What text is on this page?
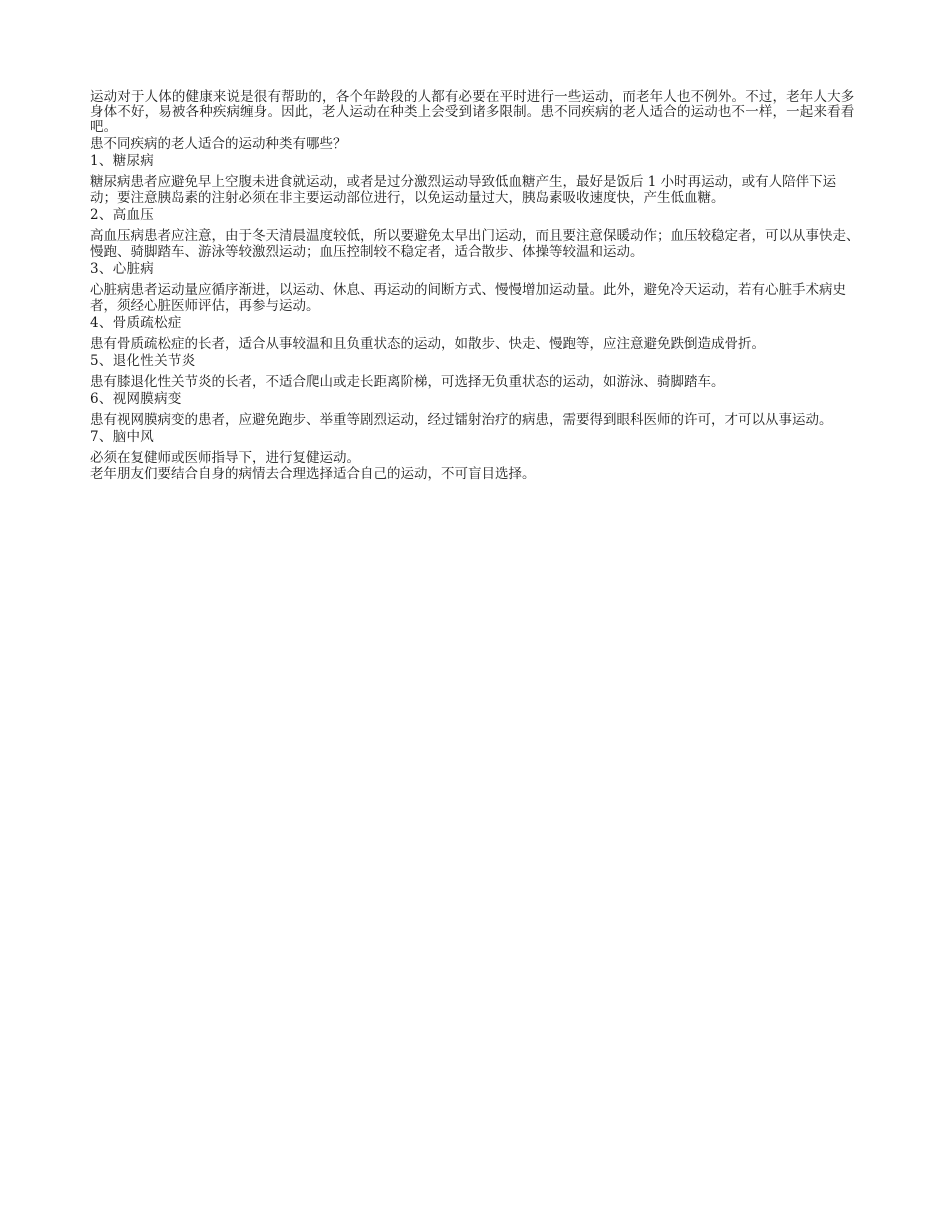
运动对于人体的健康来说是很有帮助的，各个年龄段的人都有必要在平时进行一些运动，而老年人也不例外。不过，老年人大多身体不好，易被各种疾病缠身。因此，老人运动在种类上会受到诸多限制。患不同疾病的老人适合的运动也不一样，一起来看看吧。

患不同疾病的老人适合的运动种类有哪些？

1、糖尿病

糖尿病患者应避免早上空腹未进食就运动，或者是过分激烈运动导致低血糖产生，最好是饭后 1 小时再运动，或有人陪伴下运动；要注意胰岛素的注射必须在非主要运动部位进行，以免运动量过大，胰岛素吸收速度快，产生低血糖。

2、高血压

高血压病患者应注意，由于冬天清晨温度较低，所以要避免太早出门运动，而且要注意保暖动作；血压较稳定者，可以从事快走、慢跑、骑脚踏车、游泳等较激烈运动；血压控制较不稳定者，适合散步、体操等较温和运动。

3、心脏病

心脏病患者运动量应循序渐进，以运动、休息、再运动的间断方式、慢慢增加运动量。此外，避免冷天运动，若有心脏手术病史者，须经心脏医师评估，再参与运动。

4、骨质疏松症

患有骨质疏松症的长者，适合从事较温和且负重状态的运动，如散步、快走、慢跑等，应注意避免跌倒造成骨折。

5、退化性关节炎

患有膝退化性关节炎的长者，不适合爬山或走长距离阶梯，可选择无负重状态的运动，如游泳、骑脚踏车。

6、视网膜病变

患有视网膜病变的患者，应避免跑步、举重等剧烈运动，经过镭射治疗的病患，需要得到眼科医师的许可，才可以从事运动。

7、脑中风

必须在复健师或医师指导下，进行复健运动。

老年朋友们要结合自身的病情去合理选择适合自己的运动，不可盲目选择。
